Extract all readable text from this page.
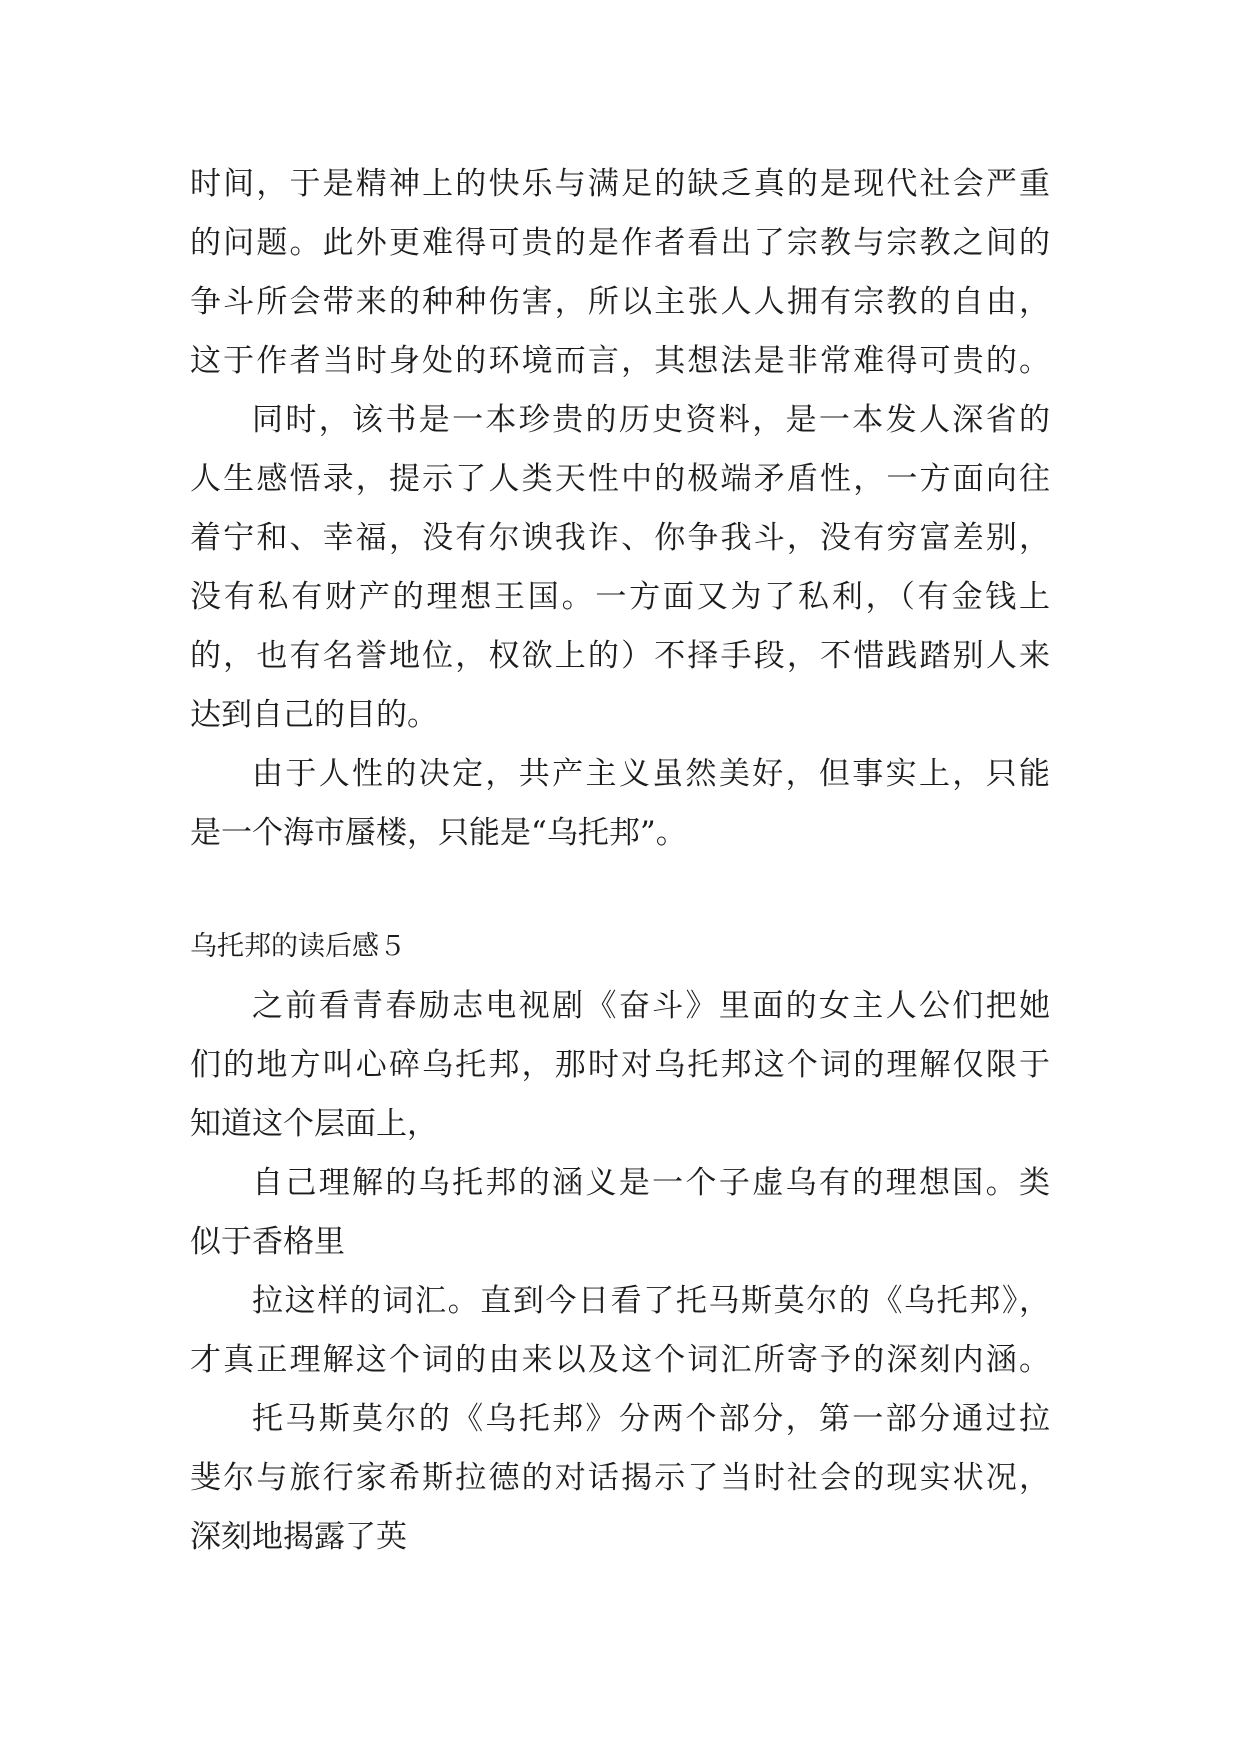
时间，于是精神上的快乐与满足的缺乏真的是现代社会严重
的问题。此外更难得可贵的是作者看出了宗教与宗教之间的
争斗所会带来的种种伤害，所以主张人人拥有宗教的自由，
这于作者当时身处的环境而言，其想法是非常难得可贵的。
同时，该书是一本珍贵的历史资料，是一本发人深省的
人生感悟录，提示了人类天性中的极端矛盾性，一方面向往
着宁和、幸福，没有尔谀我诈、你争我斗，没有穷富差别，
没有私有财产的理想王国。一方面又为了私利，（有金钱上
的，也有名誉地位，权欲上的）不择手段，不惜践踏别人来
达到自己的目的。
由于人性的决定，共产主义虽然美好，但事实上，只能
是一个海市蜃楼，只能是“乌托邦”。
乌托邦的读后感５
之前看青春励志电视剧《奋斗》里面的女主人公们把她
们的地方叫心碎乌托邦，那时对乌托邦这个词的理解仅限于
知道这个层面上，
自己理解的乌托邦的涵义是一个子虚乌有的理想国。类
似于香格里
拉这样的词汇。直到今日看了托马斯莫尔的《乌托邦》，
才真正理解这个词的由来以及这个词汇所寄予的深刻内涵。
托马斯莫尔的《乌托邦》分两个部分，第一部分通过拉
斐尔与旅行家希斯拉德的对话揭示了当时社会的现实状况，
深刻地揭露了英
